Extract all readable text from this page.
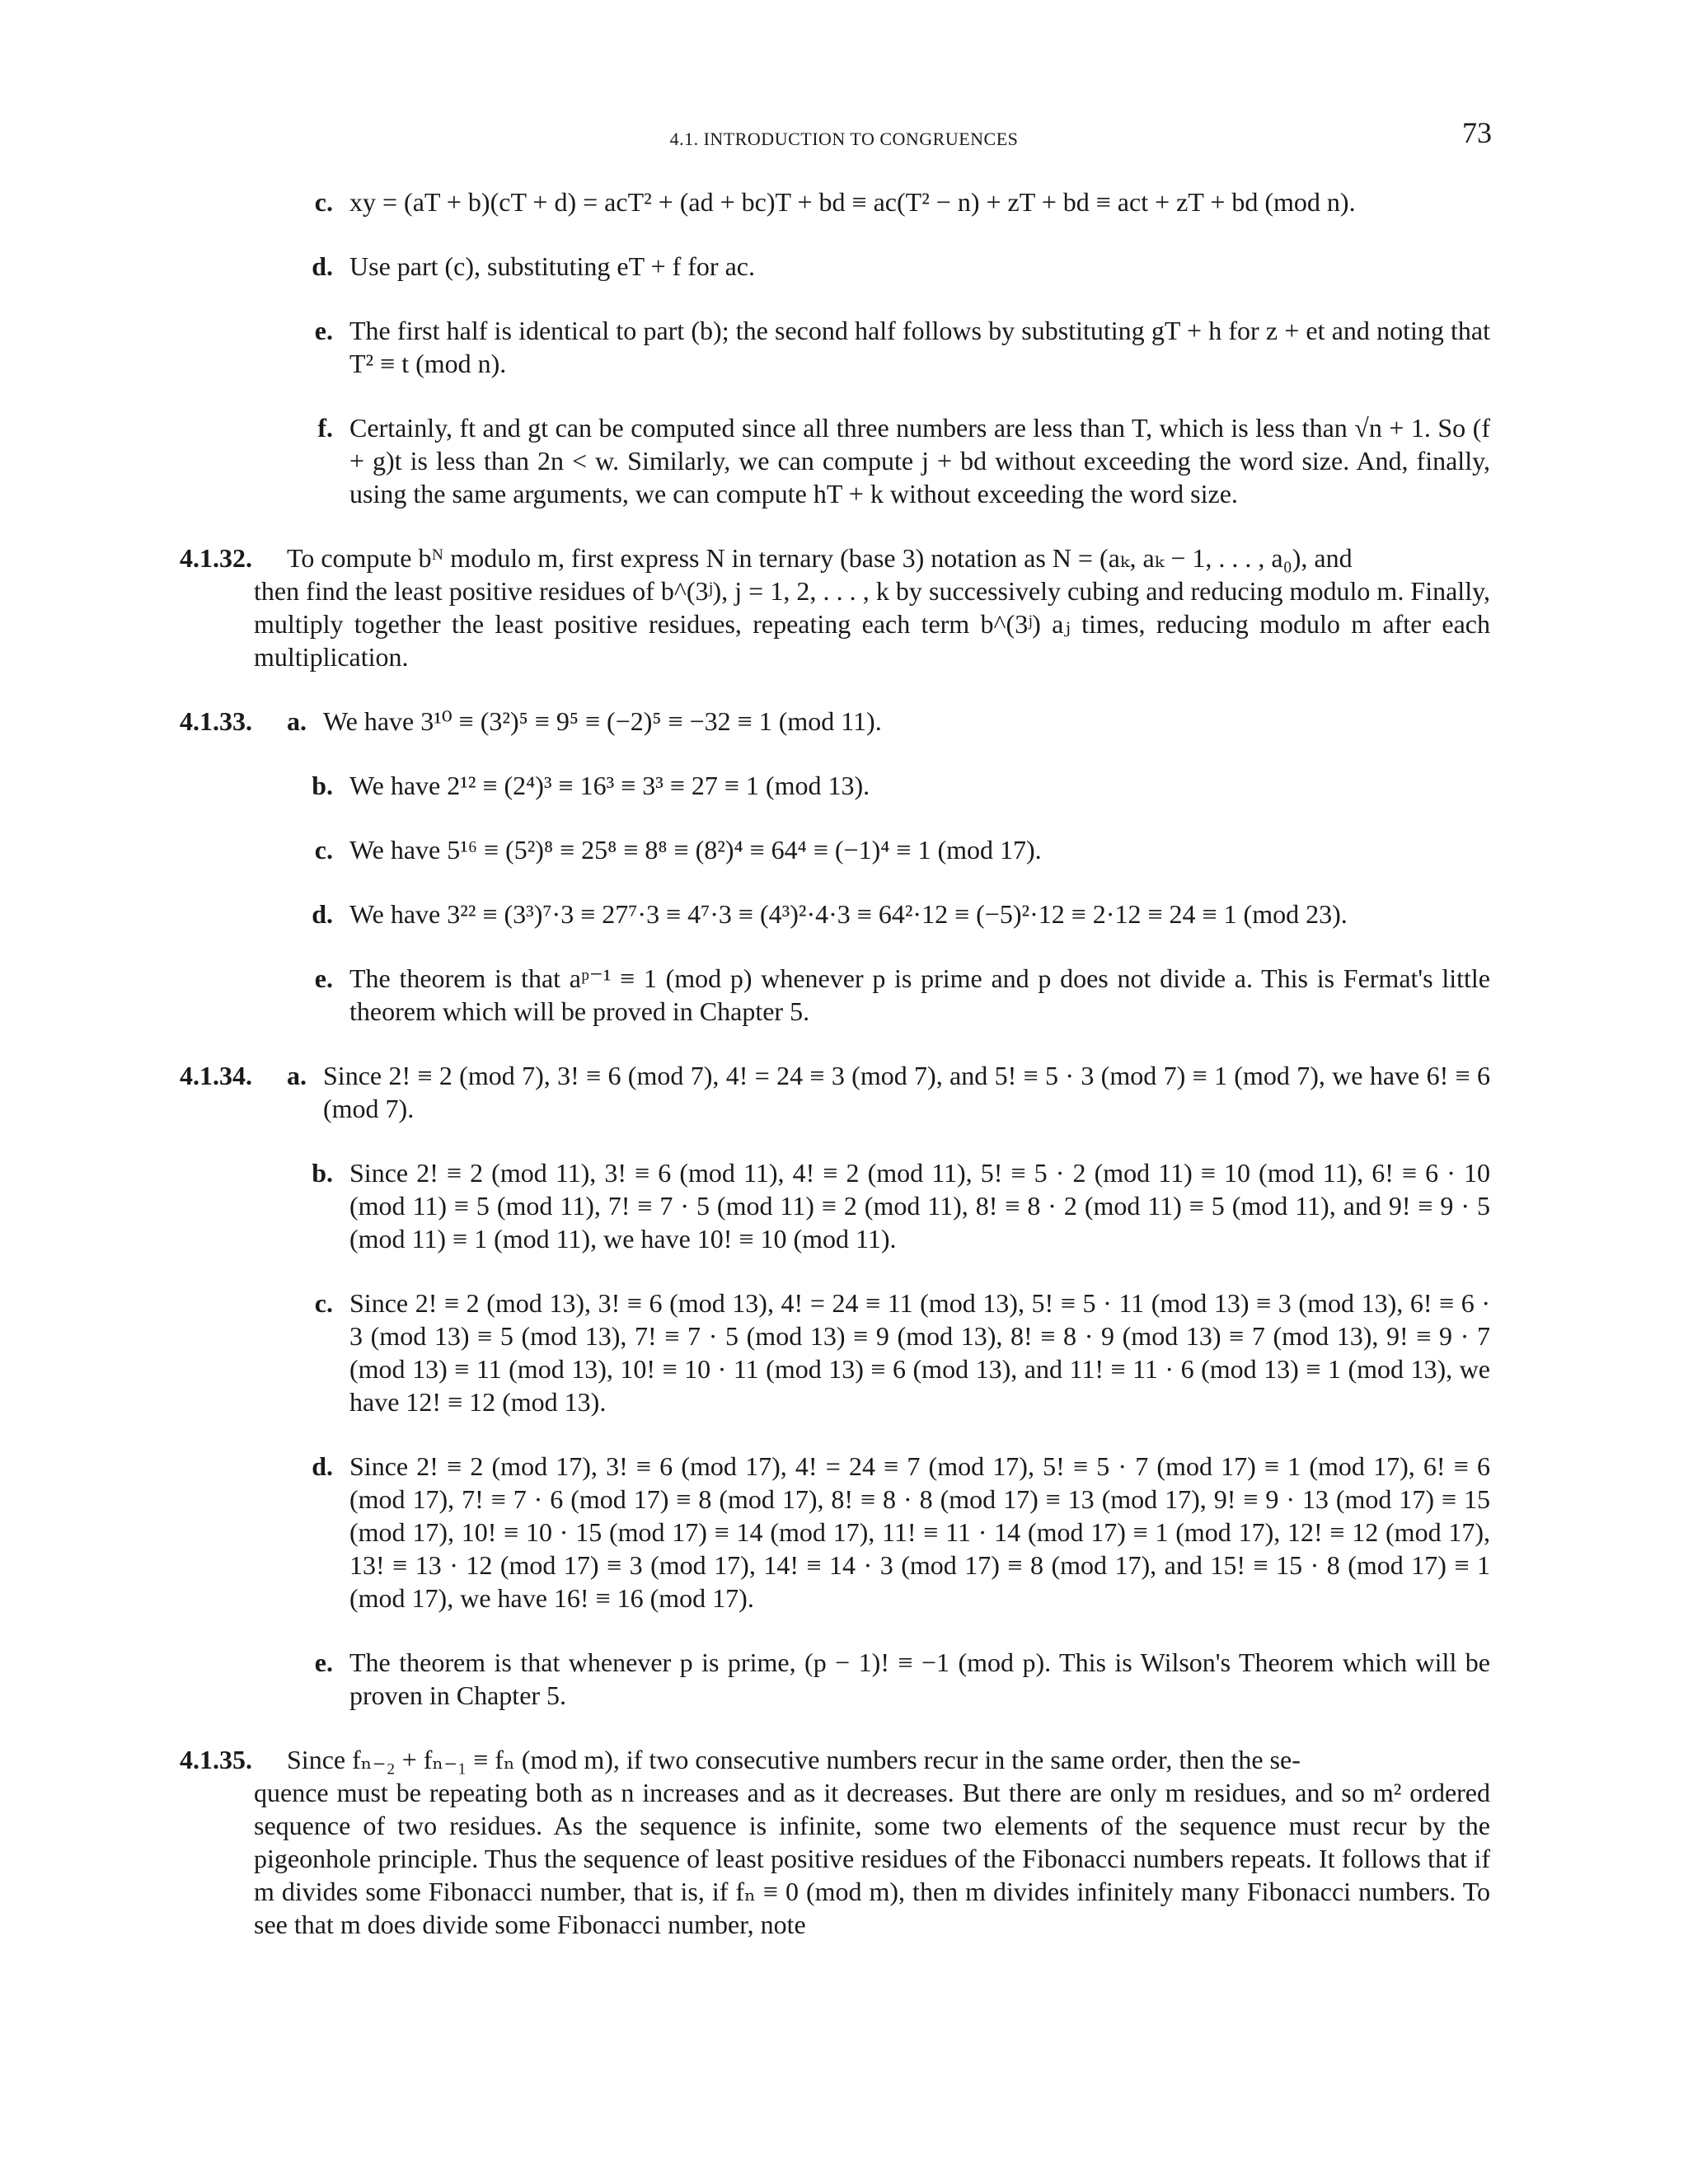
4.1. INTRODUCTION TO CONGRUENCES	73
c. xy = (aT + b)(cT + d) = acT² + (ad + bc)T + bd ≡ ac(T² − n) + zT + bd ≡ act + zT + bd (mod n).
d. Use part (c), substituting eT + f for ac.
e. The first half is identical to part (b); the second half follows by substituting gT + h for z + et and noting that T² ≡ t (mod n).
f. Certainly, ft and gt can be computed since all three numbers are less than T, which is less than √n + 1. So (f + g)t is less than 2n < w. Similarly, we can compute j + bd without exceeding the word size. And, finally, using the same arguments, we can compute hT + k without exceeding the word size.
4.1.32.	To compute bᴺ modulo m, first express N in ternary (base 3) notation as N = (aₖ, aₖ − 1, . . . , a₀), and
then find the least positive residues of b^(3ʲ), j = 1, 2, . . . , k by successively cubing and reducing modulo m. Finally, multiply together the least positive residues, repeating each term b^(3ʲ) aⱼ times, reducing modulo m after each multiplication.
4.1.33.	a. We have 3¹⁰ ≡ (3²)⁵ ≡ 9⁵ ≡ (−2)⁵ ≡ −32 ≡ 1 (mod 11).
b. We have 2¹² ≡ (2⁴)³ ≡ 16³ ≡ 3³ ≡ 27 ≡ 1 (mod 13).
c. We have 5¹⁶ ≡ (5²)⁸ ≡ 25⁸ ≡ 8⁸ ≡ (8²)⁴ ≡ 64⁴ ≡ (−1)⁴ ≡ 1 (mod 17).
d. We have 3²² ≡ (3³)⁷·3 ≡ 27⁷·3 ≡ 4⁷·3 ≡ (4³)²·4·3 ≡ 64²·12 ≡ (−5)²·12 ≡ 2·12 ≡ 24 ≡ 1 (mod 23).
e. The theorem is that aᵖ⁻¹ ≡ 1 (mod p) whenever p is prime and p does not divide a. This is Fermat's little theorem which will be proved in Chapter 5.
4.1.34.	a. Since 2! ≡ 2 (mod 7), 3! ≡ 6 (mod 7), 4! = 24 ≡ 3 (mod 7), and 5! ≡ 5 · 3 (mod 7) ≡ 1 (mod 7), we have 6! ≡ 6 (mod 7).
b. Since 2! ≡ 2 (mod 11), 3! ≡ 6 (mod 11), 4! ≡ 2 (mod 11), 5! ≡ 5 · 2 (mod 11) ≡ 10 (mod 11), 6! ≡ 6 · 10 (mod 11) ≡ 5 (mod 11), 7! ≡ 7 · 5 (mod 11) ≡ 2 (mod 11), 8! ≡ 8 · 2 (mod 11) ≡ 5 (mod 11), and 9! ≡ 9 · 5 (mod 11) ≡ 1 (mod 11), we have 10! ≡ 10 (mod 11).
c. Since 2! ≡ 2 (mod 13), 3! ≡ 6 (mod 13), 4! = 24 ≡ 11 (mod 13), 5! ≡ 5 · 11 (mod 13) ≡ 3 (mod 13), 6! ≡ 6 · 3 (mod 13) ≡ 5 (mod 13), 7! ≡ 7 · 5 (mod 13) ≡ 9 (mod 13), 8! ≡ 8 · 9 (mod 13) ≡ 7 (mod 13), 9! ≡ 9 · 7 (mod 13) ≡ 11 (mod 13), 10! ≡ 10 · 11 (mod 13) ≡ 6 (mod 13), and 11! ≡ 11 · 6 (mod 13) ≡ 1 (mod 13), we have 12! ≡ 12 (mod 13).
d. Since 2! ≡ 2 (mod 17), 3! ≡ 6 (mod 17), 4! = 24 ≡ 7 (mod 17), 5! ≡ 5 · 7 (mod 17) ≡ 1 (mod 17), 6! ≡ 6 (mod 17), 7! ≡ 7 · 6 (mod 17) ≡ 8 (mod 17), 8! ≡ 8 · 8 (mod 17) ≡ 13 (mod 17), 9! ≡ 9 · 13 (mod 17) ≡ 15 (mod 17), 10! ≡ 10 · 15 (mod 17) ≡ 14 (mod 17), 11! ≡ 11 · 14 (mod 17) ≡ 1 (mod 17), 12! ≡ 12 (mod 17), 13! ≡ 13 · 12 (mod 17) ≡ 3 (mod 17), 14! ≡ 14 · 3 (mod 17) ≡ 8 (mod 17), and 15! ≡ 15 · 8 (mod 17) ≡ 1 (mod 17), we have 16! ≡ 16 (mod 17).
e. The theorem is that whenever p is prime, (p − 1)! ≡ −1 (mod p). This is Wilson's Theorem which will be proven in Chapter 5.
4.1.35.	Since fₙ₋₂ + fₙ₋₁ ≡ fₙ (mod m), if two consecutive numbers recur in the same order, then the se-
quence must be repeating both as n increases and as it decreases. But there are only m residues, and so m² ordered sequence of two residues. As the sequence is infinite, some two elements of the sequence must recur by the pigeonhole principle. Thus the sequence of least positive residues of the Fibonacci numbers repeats. It follows that if m divides some Fibonacci number, that is, if fₙ ≡ 0 (mod m), then m divides infinitely many Fibonacci numbers. To see that m does divide some Fibonacci number, note
